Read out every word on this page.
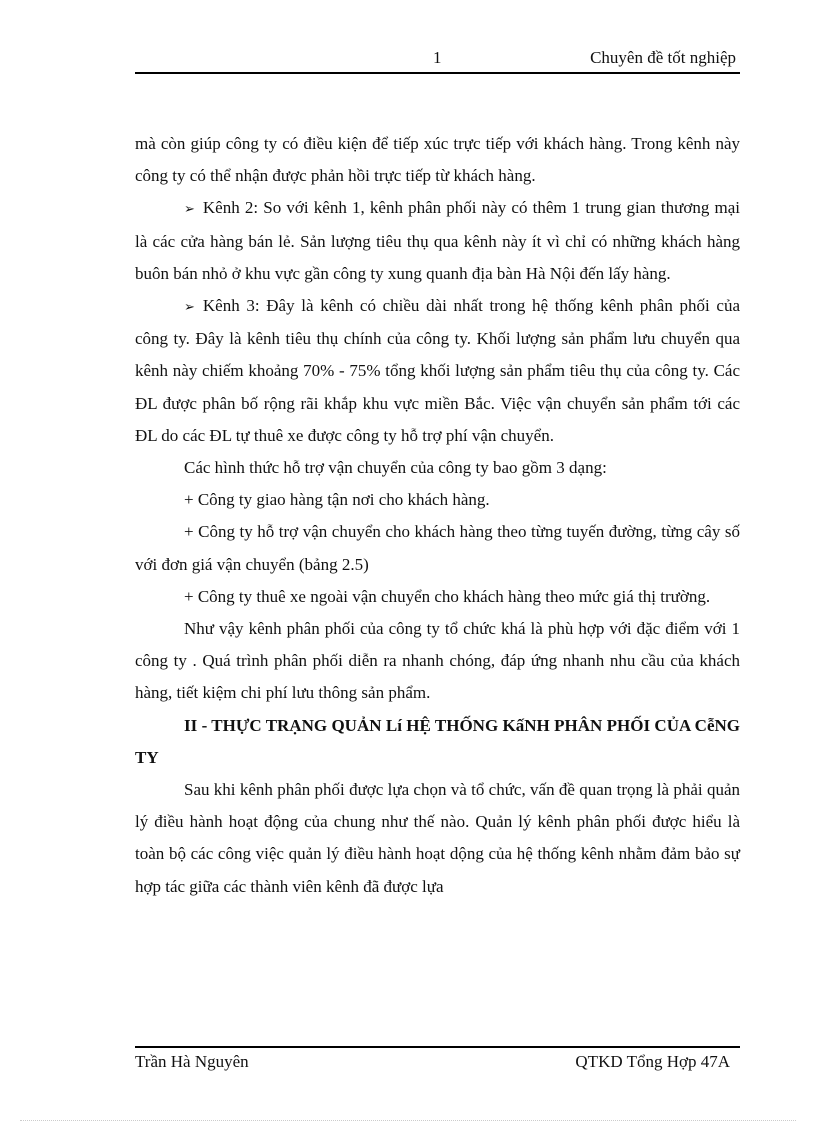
1	Chuyên đề tốt nghiệp

mà còn giúp công ty có điều kiện để tiếp xúc trực tiếp với khách hàng. Trong kênh này công ty có thể nhận được phản hồi trực tiếp từ khách hàng.

➢ Kênh 2: So với kênh 1, kênh phân phối này có thêm 1 trung gian thương mại là các cửa hàng bán lẻ. Sản lượng tiêu thụ qua kênh này ít vì chỉ có những khách hàng buôn bán nhỏ ở khu vực gần công ty xung quanh địa bàn Hà Nội đến lấy hàng.

➢ Kênh 3: Đây là kênh có chiều dài nhất trong hệ thống kênh phân phối của công ty. Đây là kênh tiêu thụ chính của công ty. Khối lượng sản phẩm lưu chuyển qua kênh này chiếm khoảng 70% - 75% tổng khối lượng sản phẩm tiêu thụ của công ty. Các ĐL được phân bố rộng rãi khắp khu vực miền Bắc. Việc vận chuyển sản phẩm tới các ĐL do các ĐL tự thuê xe được công ty hỗ trợ phí vận chuyển.

Các hình thức hỗ trợ vận chuyển của công ty bao gồm 3 dạng:

+ Công ty giao hàng tận nơi cho khách hàng.

+ Công ty hỗ trợ vận chuyển cho khách hàng theo từng tuyến đường, từng cây số với đơn giá vận chuyển (bảng 2.5)

+ Công ty thuê xe ngoài vận chuyển cho khách hàng theo mức giá thị trường.

Như vậy kênh phân phối của công ty tổ chức khá là phù hợp với đặc điểm với 1 công ty . Quá trình phân phối diễn ra nhanh chóng, đáp ứng nhanh nhu cầu của khách hàng, tiết kiệm chi phí lưu thông sản phẩm.

II - THỰC TRẠNG QUẢN Lí HỆ THỐNG KấNH PHÂN PHỐI CỦA CễNG TY

Sau khi kênh phân phối được lựa chọn và tổ chức, vấn đề quan trọng là phải quản lý điều hành hoạt động của chung như thế nào. Quản lý kênh phân phối được hiểu là toàn bộ các công việc quản lý điều hành hoạt dộng của hệ thống kênh nhằm đảm bảo sự hợp tác giữa các thành viên kênh đã được lựa

Trần Hà Nguyên	QTKD Tổng Hợp 47A
